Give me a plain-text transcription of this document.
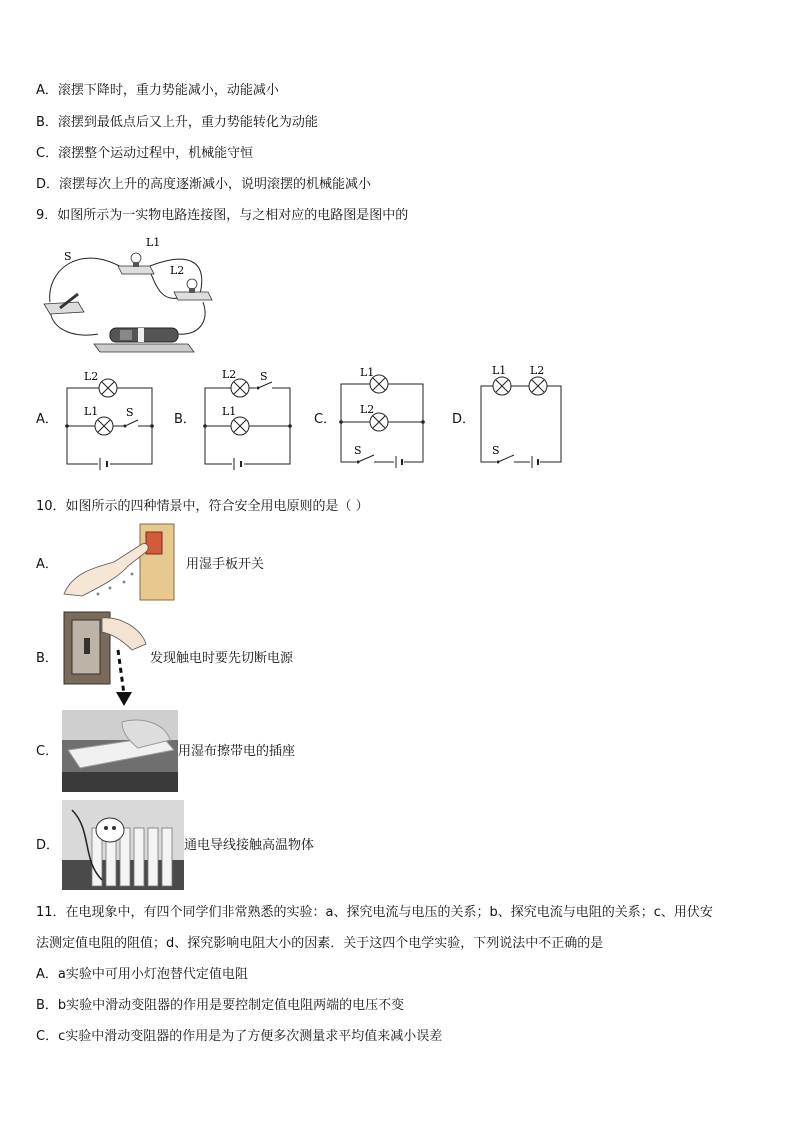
A．滚摆下降时，重力势能减小，动能减小
B．滚摆到最低点后又上升，重力势能转化为动能
C．滚摆整个运动过程中，机械能守恒
D．滚摆每次上升的高度逐渐减小，说明滚摆的机械能减小
9．如图所示为一实物电路连接图，与之相对应的电路图是图中的
L1
L2
S
A．
L2
L1	S	B．
L2 S
L1
C．
L1
L2
S
D．
L1 L2
S
10．如图所示的四种情景中，符合安全用电原则的是（ ）
A．	用湿手板开关
B．	发现触电时要先切断电源
C．	用湿布擦带电的插座
D．	通电导线接触高温物体
11．在电现象中，有四个同学们非常熟悉的实验：a、探究电流与电压的关系；b、探究电流与电阻的关系；c、用伏安
法测定值电阻的阻值；d、探究影响电阻大小的因素．关于这四个电学实验，下列说法中不正确的是
A．a实验中可用小灯泡替代定值电阻
B．b实验中滑动变阻器的作用是要控制定值电阻两端的电压不变
C．c实验中滑动变阻器的作用是为了方便多次测量求平均值来减小误差
